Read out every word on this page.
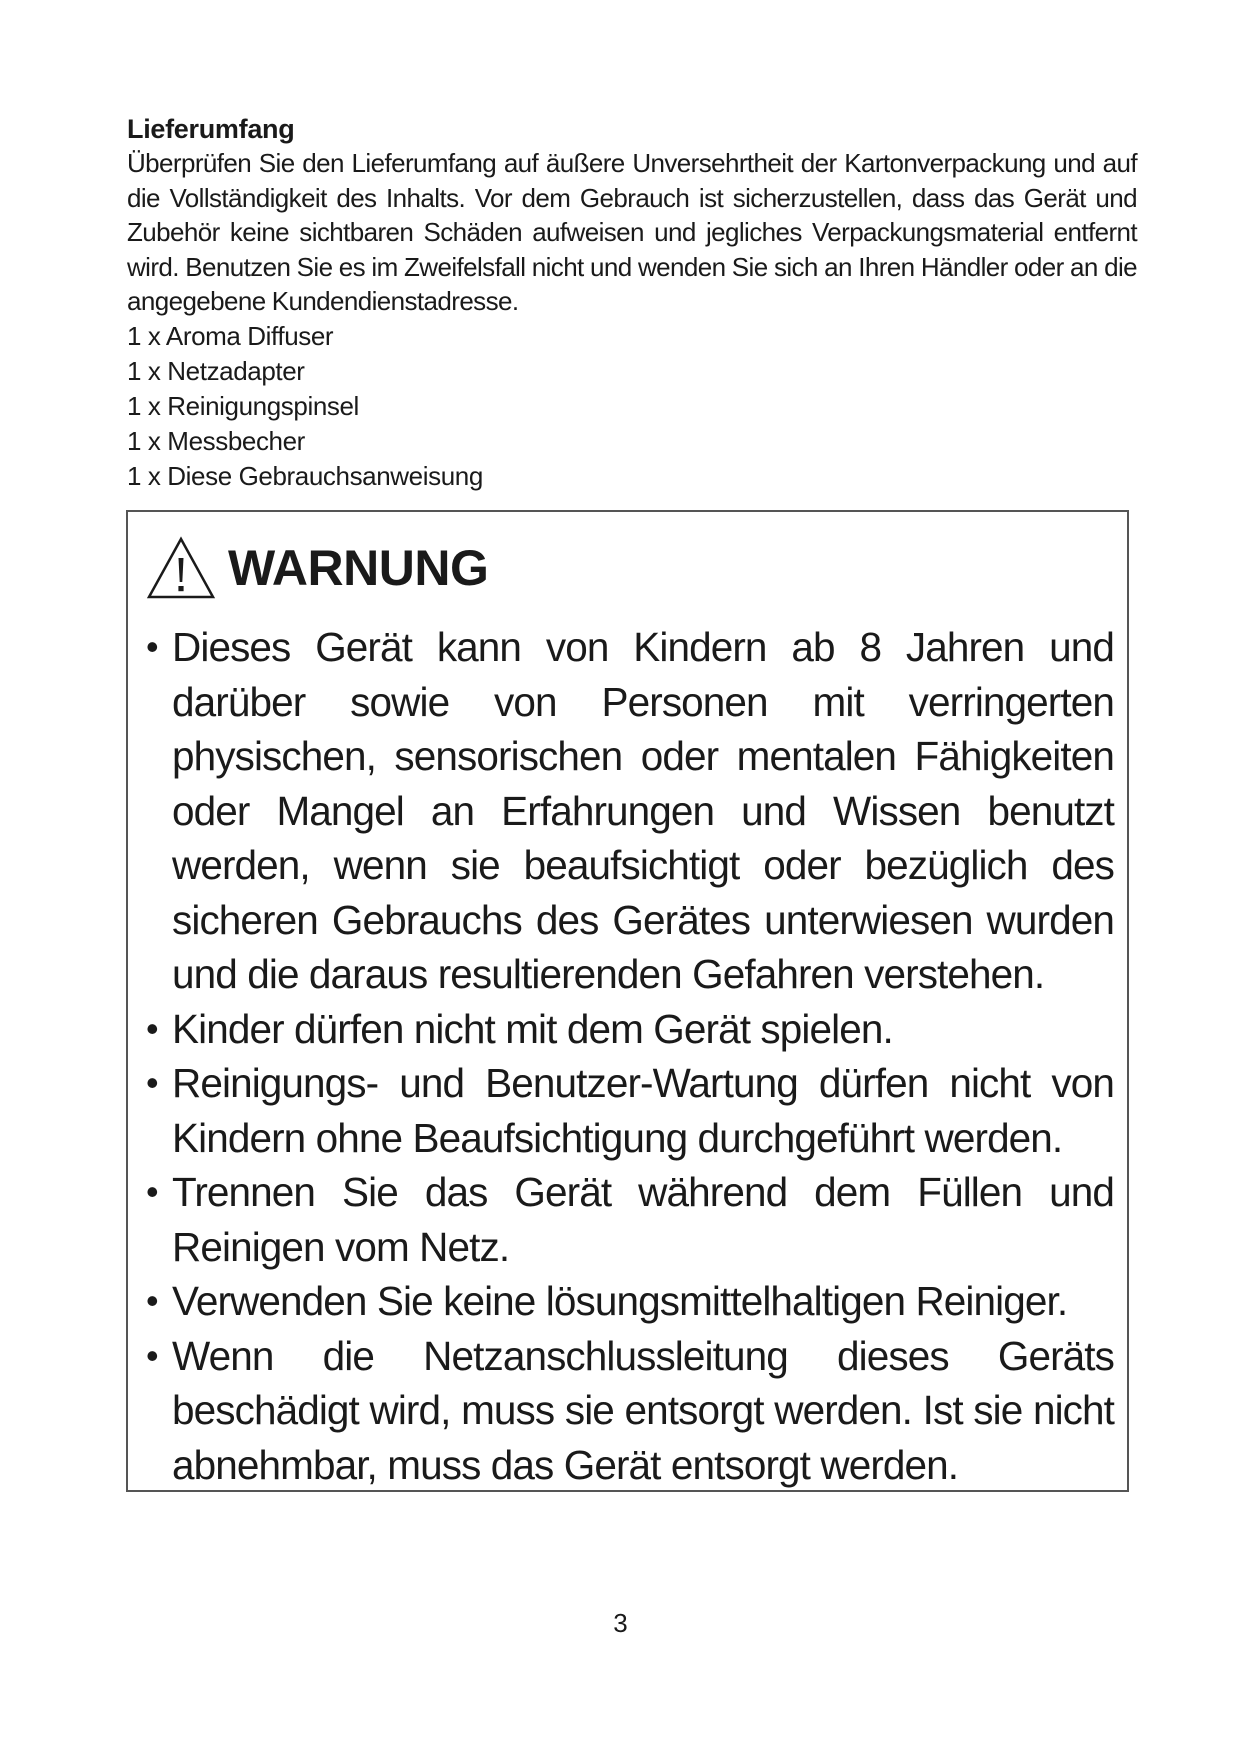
Lieferumfang

Überprüfen Sie den Lieferumfang auf äußere Unversehrtheit der Kartonverpackung und auf die Vollständigkeit des Inhalts. Vor dem Gebrauch ist sicherzustellen, dass das Gerät und Zubehör keine sichtbaren Schäden aufweisen und jegliches Verpackungsmaterial entfernt wird. Benutzen Sie es im Zweifelsfall nicht und wenden Sie sich an Ihren Händler oder an die angegebene Kundendienstadresse.

1 x Aroma Diffuser
1 x Netzadapter
1 x Reinigungspinsel
1 x Messbecher
1 x Diese Gebrauchsanweisung
WARNUNG
• Dieses Gerät kann von Kindern ab 8 Jahren und darüber sowie von Personen mit verringerten physischen, sensorischen oder mentalen Fähigkeiten oder Mangel an Erfahrungen und Wissen benutzt werden, wenn sie beaufsichtigt oder bezüglich des sicheren Gebrauchs des Gerätes unterwiesen wurden und die daraus resultierenden Gefahren verstehen.
• Kinder dürfen nicht mit dem Gerät spielen.
• Reinigungs- und Benutzer-Wartung dürfen nicht von Kindern ohne Beaufsichtigung durchgeführt werden.
• Trennen Sie das Gerät während dem Füllen und Reinigen vom Netz.
• Verwenden Sie keine lösungsmittelhaltigen Reiniger.
• Wenn die Netzanschlussleitung dieses Geräts beschädigt wird, muss sie entsorgt werden. Ist sie nicht abnehmbar, muss das Gerät entsorgt werden.
3
